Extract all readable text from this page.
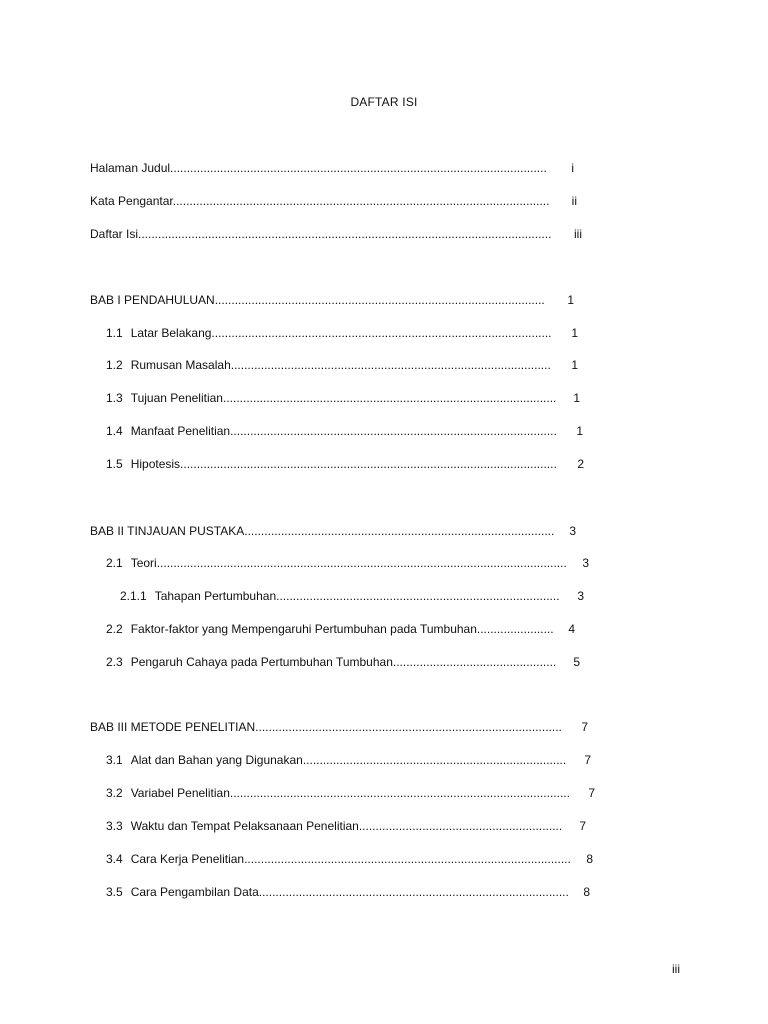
DAFTAR ISI
Halaman Judul.................................................................................................................	i
Kata Pengantar.................................................................................................................	ii
Daftar Isi............................................................................................................................	iii
BAB I PENDAHULUAN...................................................................................................	1
1.1 Latar Belakang......................................................................................................	1
1.2 Rumusan Masalah................................................................................................	1
1.3 Tujuan Penelitian....................................................................................................	1
1.4 Manfaat Penelitian..................................................................................................	1
1.5 Hipotesis.................................................................................................................	2
BAB II TINJAUAN PUSTAKA.............................................................................................	3
2.1 Teori...........................................................................................................................	3
2.1.1 Tahapan Pertumbuhan.....................................................................................	3
2.2 Faktor-faktor yang Mempengaruhi Pertumbuhan pada Tumbuhan.......................	4
2.3 Pengaruh Cahaya pada Pertumbuhan Tumbuhan.................................................	5
BAB III METODE PENELITIAN............................................................................................	7
3.1 Alat dan Bahan yang Digunakan...............................................................................	7
3.2 Variabel Penelitian......................................................................................................	7
3.3 Waktu dan Tempat Pelaksanaan Penelitian.............................................................	7
3.4 Cara Kerja Penelitian..................................................................................................	8
3.5 Cara Pengambilan Data.............................................................................................	8
iii
